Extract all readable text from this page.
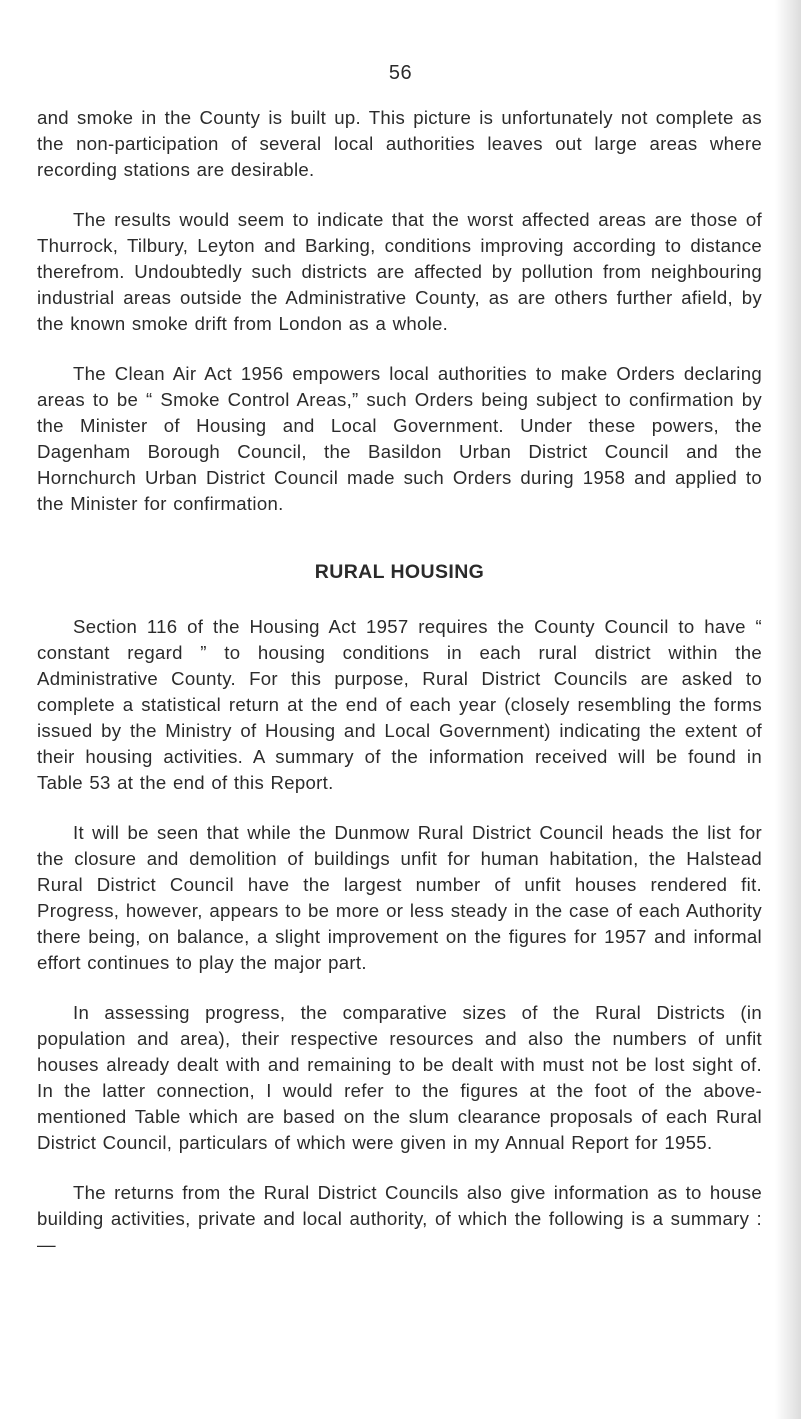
56

and smoke in the County is built up. This picture is unfortunately not complete as the non-participation of several local authorities leaves out large areas where recording stations are desirable.

The results would seem to indicate that the worst affected areas are those of Thurrock, Tilbury, Leyton and Barking, conditions improving according to distance therefrom. Undoubtedly such districts are affected by pollution from neighbouring industrial areas outside the Administrative County, as are others further afield, by the known smoke drift from London as a whole.

The Clean Air Act 1956 empowers local authorities to make Orders declaring areas to be “ Smoke Control Areas,” such Orders being subject to confirmation by the Minister of Housing and Local Government. Under these powers, the Dagenham Borough Council, the Basildon Urban District Council and the Hornchurch Urban District Council made such Orders during 1958 and applied to the Minister for confirmation.

RURAL HOUSING

Section 116 of the Housing Act 1957 requires the County Council to have “ constant regard ” to housing conditions in each rural district within the Administrative County. For this purpose, Rural District Councils are asked to complete a statistical return at the end of each year (closely resembling the forms issued by the Ministry of Housing and Local Government) indicating the extent of their housing activities. A summary of the information received will be found in Table 53 at the end of this Report.

It will be seen that while the Dunmow Rural District Council heads the list for the closure and demolition of buildings unfit for human habitation, the Halstead Rural District Council have the largest number of unfit houses rendered fit. Progress, however, appears to be more or less steady in the case of each Authority there being, on balance, a slight improvement on the figures for 1957 and informal effort continues to play the major part.

In assessing progress, the comparative sizes of the Rural Districts (in population and area), their respective resources and also the numbers of unfit houses already dealt with and remaining to be dealt with must not be lost sight of. In the latter connection, I would refer to the figures at the foot of the above-mentioned Table which are based on the slum clearance proposals of each Rural District Council, particulars of which were given in my Annual Report for 1955.

The returns from the Rural District Councils also give information as to house building activities, private and local authority, of which the following is a summary :—
